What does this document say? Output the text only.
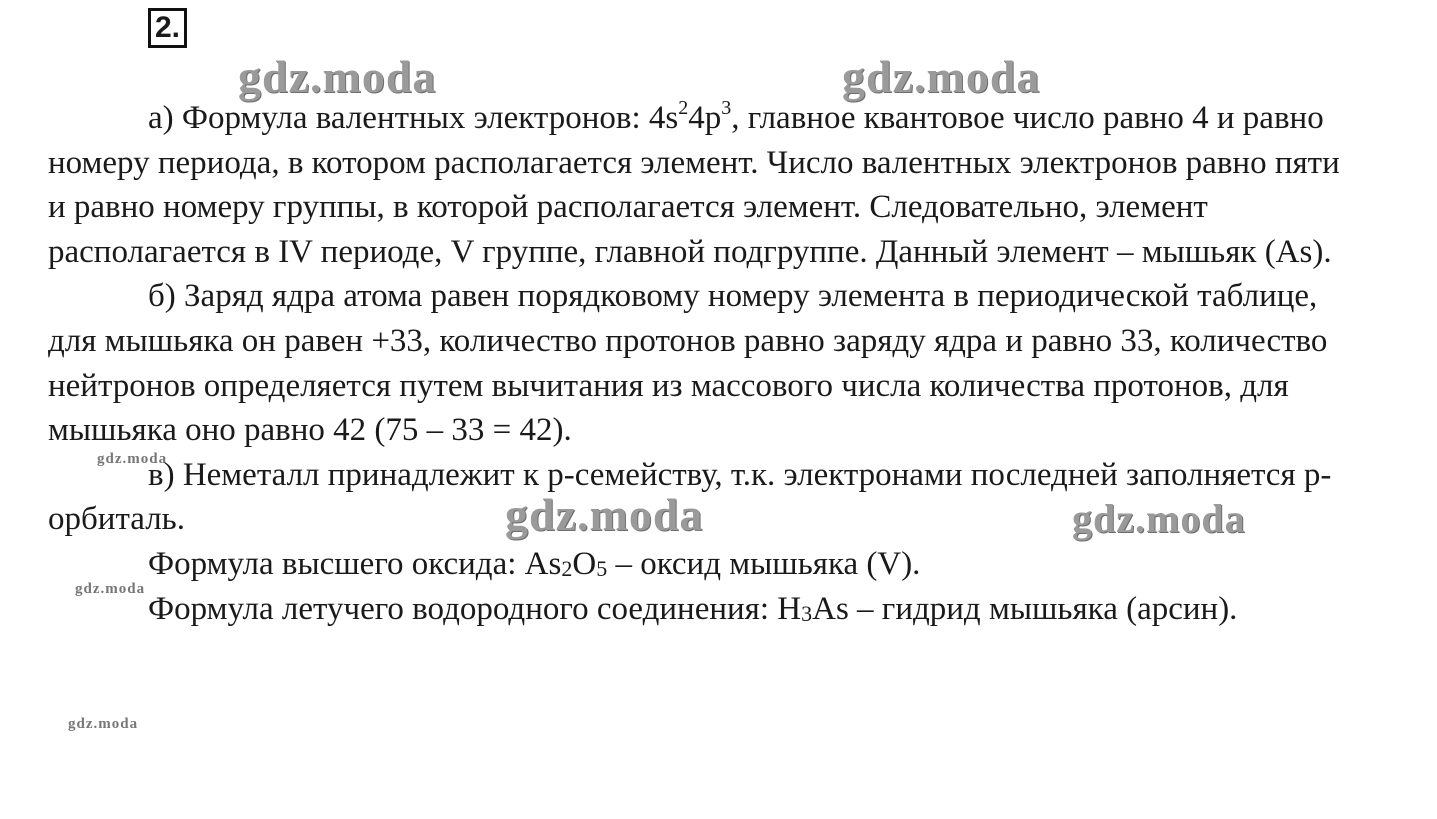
2.
gdz.moda	gdz.moda
gdz.moda	gdz.moda
gdz.moda
gdz.moda
gdz.moda

а) Формула валентных электронов: $4s^24p^3$, главное квантовое число равно 4 и равно номеру периода, в котором располагается элемент. Число валентных электронов равно пяти и равно номеру группы, в которой располагается элемент. Следовательно, элемент располагается в IV периоде, V группе, главной подгруппе. Данный элемент – мышьяк (As).

б) Заряд ядра атома равен порядковому номеру элемента в периодической таблице, для мышьяка он равен +33, количество протонов равно заряду ядра и равно 33, количество нейтронов определяется путем вычитания из массового числа количества протонов, для мышьяка оно равно 42 (75 – 33 = 42).

в) Неметалл принадлежит к p-семейству, т.к. электронами последней заполняется p-орбиталь.

Формула высшего оксида: $As_2O_5$ – оксид мышьяка (V).

Формула летучего водородного соединения: $H_3As$ – гидрид мышьяка (арсин).
